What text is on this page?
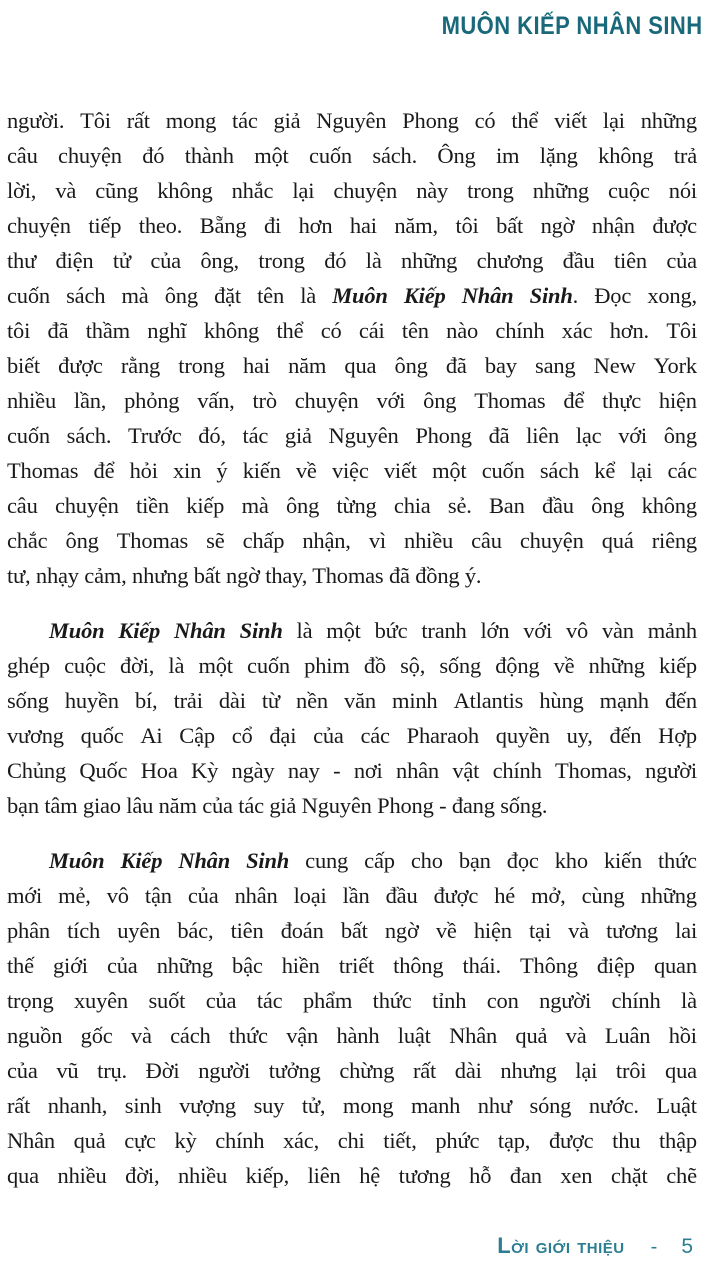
MUÔN KIẾP NHÂN SINH
người. Tôi rất mong tác giả Nguyên Phong có thể viết lại những
câu chuyện đó thành một cuốn sách. Ông im lặng không trả
lời, và cũng không nhắc lại chuyện này trong những cuộc nói
chuyện tiếp theo. Bẵng đi hơn hai năm, tôi bất ngờ nhận được
thư điện tử của ông, trong đó là những chương đầu tiên của
cuốn sách mà ông đặt tên là Muôn Kiếp Nhân Sinh. Đọc xong,
tôi đã thầm nghĩ không thể có cái tên nào chính xác hơn. Tôi
biết được rằng trong hai năm qua ông đã bay sang New York
nhiều lần, phỏng vấn, trò chuyện với ông Thomas để thực hiện
cuốn sách. Trước đó, tác giả Nguyên Phong đã liên lạc với ông
Thomas để hỏi xin ý kiến về việc viết một cuốn sách kể lại các
câu chuyện tiền kiếp mà ông từng chia sẻ. Ban đầu ông không
chắc ông Thomas sẽ chấp nhận, vì nhiều câu chuyện quá riêng
tư, nhạy cảm, nhưng bất ngờ thay, Thomas đã đồng ý.
Muôn Kiếp Nhân Sinh là một bức tranh lớn với vô vàn mảnh
ghép cuộc đời, là một cuốn phim đồ sộ, sống động về những kiếp
sống huyền bí, trải dài từ nền văn minh Atlantis hùng mạnh đến
vương quốc Ai Cập cổ đại của các Pharaoh quyền uy, đến Hợp
Chủng Quốc Hoa Kỳ ngày nay - nơi nhân vật chính Thomas, người
bạn tâm giao lâu năm của tác giả Nguyên Phong - đang sống.
Muôn Kiếp Nhân Sinh cung cấp cho bạn đọc kho kiến thức
mới mẻ, vô tận của nhân loại lần đầu được hé mở, cùng những
phân tích uyên bác, tiên đoán bất ngờ về hiện tại và tương lai
thế giới của những bậc hiền triết thông thái. Thông điệp quan
trọng xuyên suốt của tác phẩm thức tỉnh con người chính là
nguồn gốc và cách thức vận hành luật Nhân quả và Luân hồi
của vũ trụ. Đời người tưởng chừng rất dài nhưng lại trôi qua
rất nhanh, sinh vượng suy tử, mong manh như sóng nước. Luật
Nhân quả cực kỳ chính xác, chi tiết, phức tạp, được thu thập
qua nhiều đời, nhiều kiếp, liên hệ tương hỗ đan xen chặt chẽ
Lời giới thiệu - 5
